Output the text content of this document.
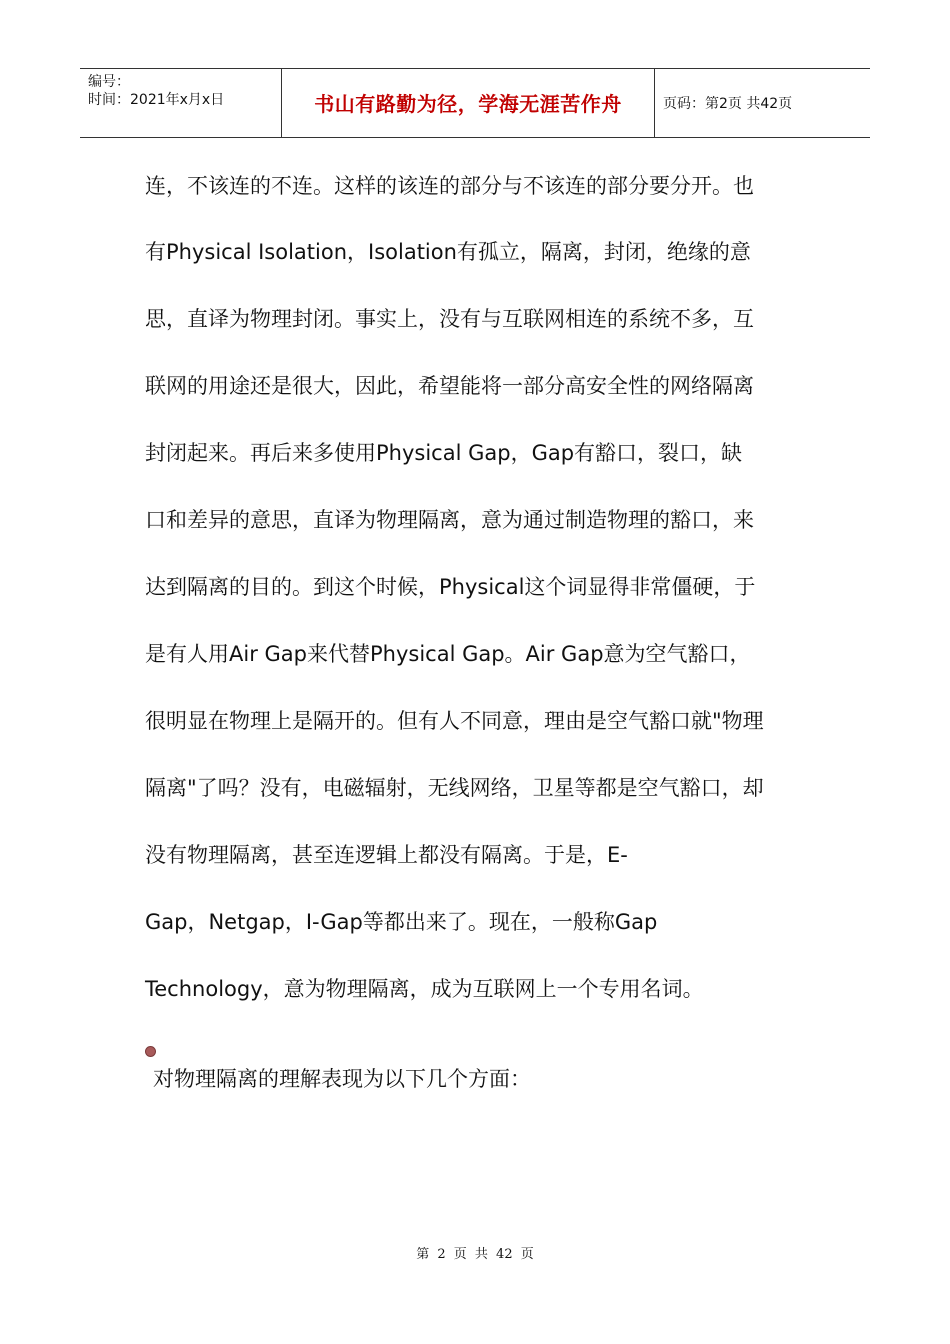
编号：
时间：2021年x月x日	书山有路勤为径，学海无涯苦作舟	页码：第2页 共42页
连，不该连的不连。这样的该连的部分与不该连的部分要分开。也
有Physical Isolation，Isolation有孤立，隔离，封闭，绝缘的意
思，直译为物理封闭。事实上，没有与互联网相连的系统不多，互
联网的用途还是很大，因此，希望能将一部分高安全性的网络隔离
封闭起来。再后来多使用Physical Gap，Gap有豁口，裂口，缺
口和差异的意思，直译为物理隔离，意为通过制造物理的豁口，来
达到隔离的目的。到这个时候，Physical这个词显得非常僵硬，于
是有人用Air Gap来代替Physical Gap。Air Gap意为空气豁口，
很明显在物理上是隔开的。但有人不同意，理由是空气豁口就"物理
隔离"了吗？没有，电磁辐射，无线网络，卫星等都是空气豁口，却
没有物理隔离，甚至连逻辑上都没有隔离。于是，E-
Gap，Netgap，I-Gap等都出来了。现在，一般称Gap
Technology，意为物理隔离，成为互联网上一个专用名词。
对物理隔离的理解表现为以下几个方面：
第 2 页 共 42 页
